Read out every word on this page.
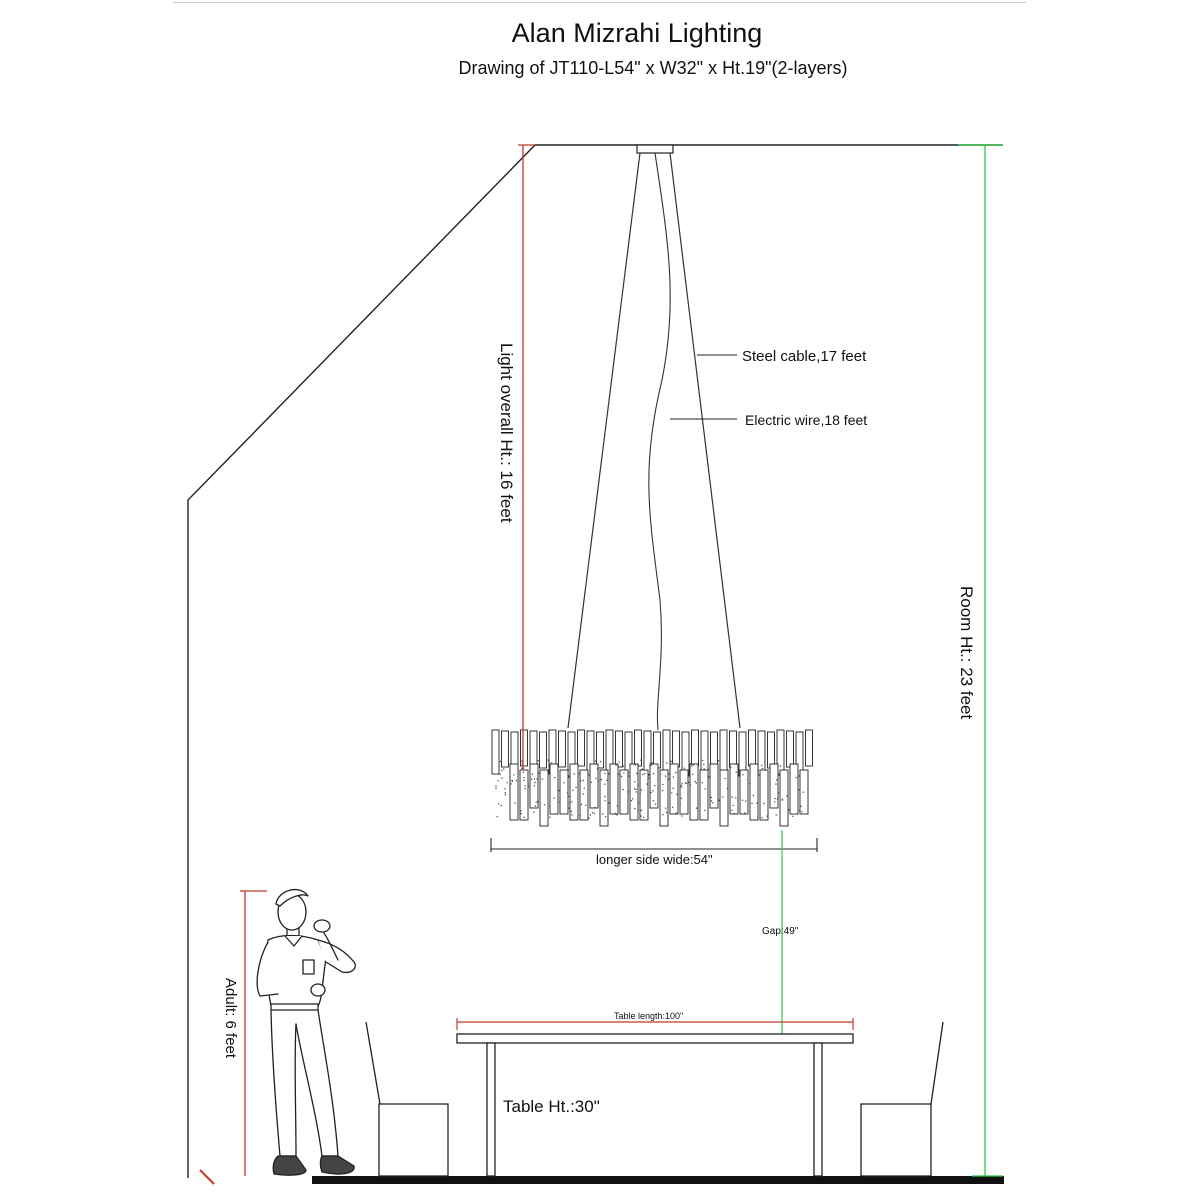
Alan Mizrahi Lighting
Drawing of JT110-L54" x W32" x Ht.19"(2-layers)
Steel cable,17 feet
Electric wire,18 feet
Light overall Ht.: 16 feet
Room Ht.: 23 feet
longer side wide:54"
Gap:49"
Table length:100"
Table Ht.:30"
Adult: 6 feet
